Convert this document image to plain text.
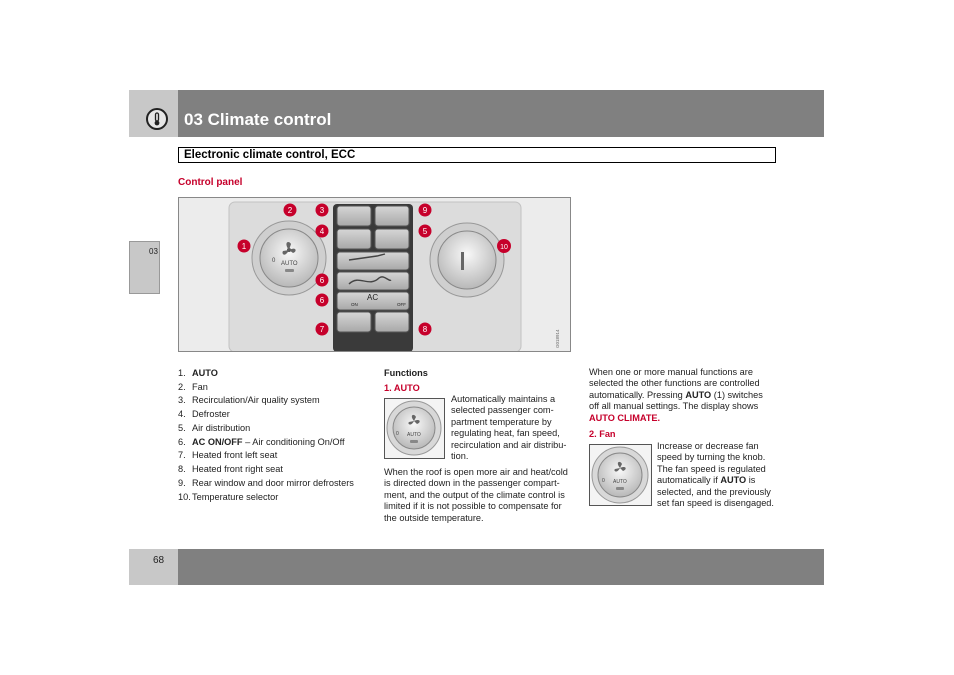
03 Climate control
Electronic climate control, ECC
03
Control panel
AUTO
0
AC
ON	OFF
G018914
1
2	3
4	5
6
6
7	8
9
10
1. AUTO
2. Fan
3. Recirculation/Air quality system
4. Defroster
5. Air distribution
6. AC ON/OFF – Air conditioning On/Off
7. Heated front left seat
8. Heated front right seat
9. Rear window and door mirror defrosters
10. Temperature selector
Functions
1. AUTO
AUTO
0
Automatically maintains a
selected passenger com-
partment temperature by
regulating heat, fan speed,
recirculation and air distribu-
tion.
When the roof is open more air and heat/cold
is directed down in the passenger compart-
ment, and the output of the climate control is
limited if it is not possible to compensate for
the outside temperature.
When one or more manual functions are
selected the other functions are controlled
automatically. Pressing AUTO (1) switches
off all manual settings. The display shows
AUTO CLIMATE.
2. Fan
AUTO
0
Increase or decrease fan
speed by turning the knob.
The fan speed is regulated
automatically if AUTO is
selected, and the previously
set fan speed is disengaged.
68
